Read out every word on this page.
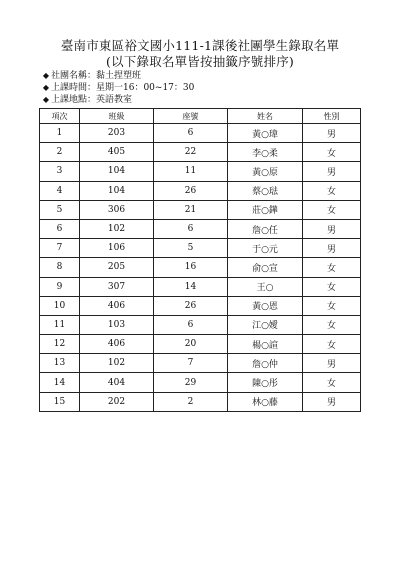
臺南市東區裕文國小111-1課後社團學生錄取名單
(以下錄取名單皆按抽籤序號排序)
◆ 社團名稱：黏土捏塑班
◆ 上課時間：星期一16：00~17：30
◆ 上課地點：英語教室
項次	班級	座號	姓名	性別
1	203	6	黃○瑋	男
2	405	22	李○柔	女
3	104	11	黃○原	男
4	104	26	蔡○琺	女
5	306	21	莊○鏵	女
6	102	6	詹○任	男
7	106	5	于○元	男
8	205	16	俞○宣	女
9	307	14	王○	女
10	406	26	黃○恩	女
11	103	6	江○嬡	女
12	406	20	楊○諠	女
13	102	7	詹○仲	男
14	404	29	陳○彤	女
15	202	2	林○藤	男
